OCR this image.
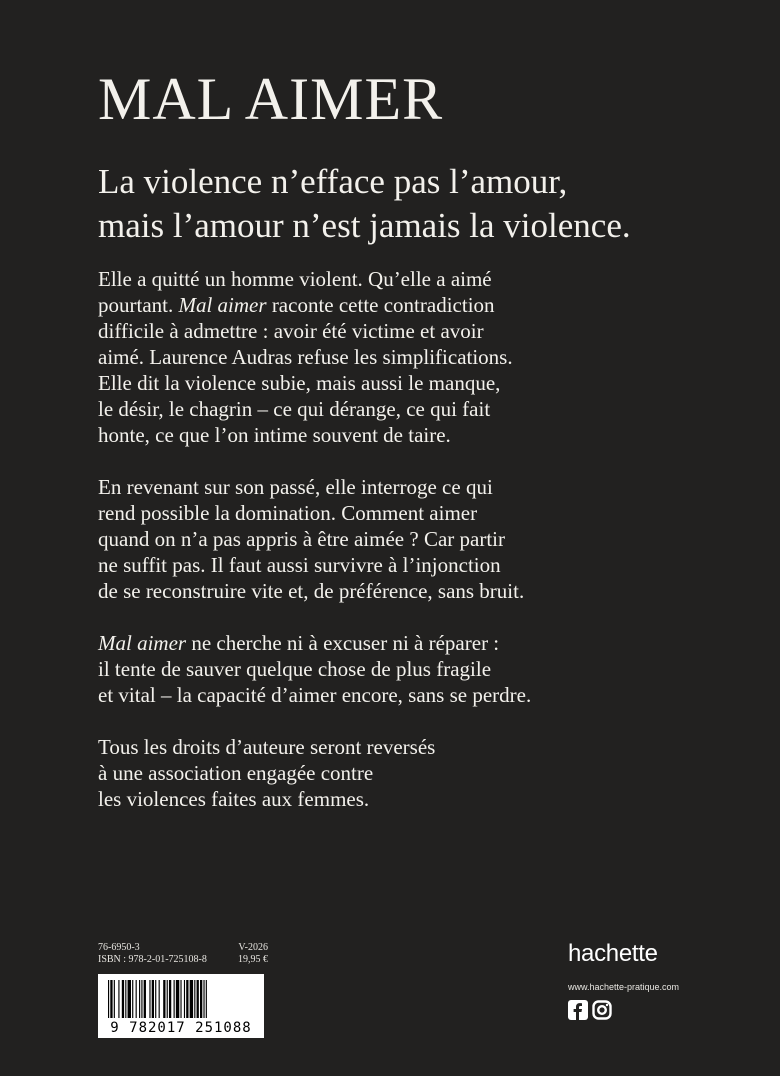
MAL AIMER
La violence n’efface pas l’amour,
mais l’amour n’est jamais la violence.

Elle a quitté un homme violent. Qu’elle a aimé
pourtant. Mal aimer raconte cette contradiction
difficile à admettre : avoir été victime et avoir
aimé. Laurence Audras refuse les simplifications.
Elle dit la violence subie, mais aussi le manque,
le désir, le chagrin – ce qui dérange, ce qui fait
honte, ce que l’on intime souvent de taire.

En revenant sur son passé, elle interroge ce qui
rend possible la domination. Comment aimer
quand on n’a pas appris à être aimée ? Car partir
ne suffit pas. Il faut aussi survivre à l’injonction
de se reconstruire vite et, de préférence, sans bruit.

Mal aimer ne cherche ni à excuser ni à réparer :
il tente de sauver quelque chose de plus fragile
et vital – la capacité d’aimer encore, sans se perdre.

Tous les droits d’auteure seront reversés
à une association engagée contre
les violences faites aux femmes.

76-6950-3	V-2026
ISBN : 978-2-01-725108-8	19,95 €
9 782017 251088
hachette
www.hachette-pratique.com
